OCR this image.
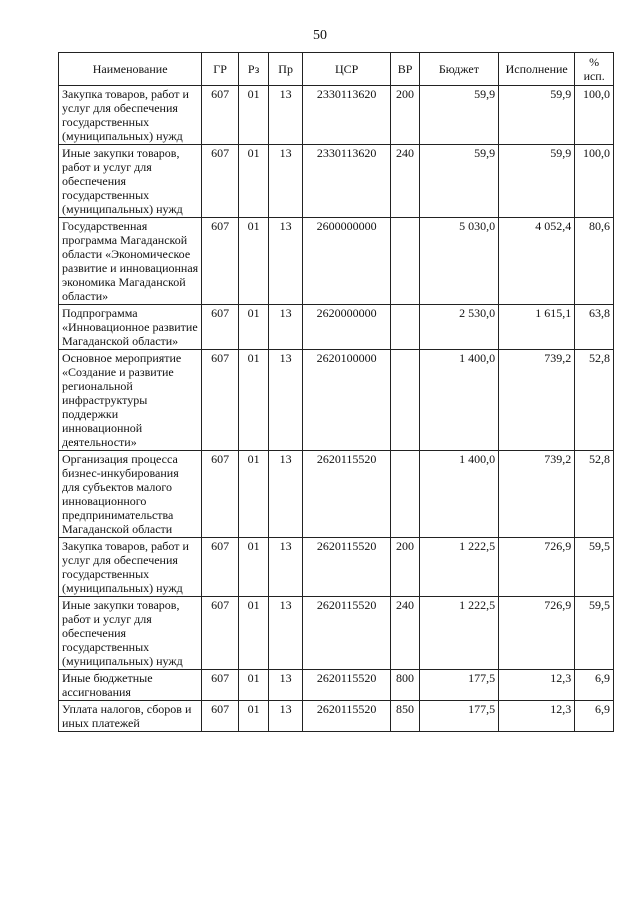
50
Наименование	ГР	Рз	Пр	ЦСР	ВР	Бюджет	Исполнение	% исп.
Закупка товаров, работ и услуг для обеспечения государственных (муниципальных) нужд	607	01	13	2330113620	200	59,9	59,9	100,0
Иные закупки товаров, работ и услуг для обеспечения государственных (муниципальных) нужд	607	01	13	2330113620	240	59,9	59,9	100,0
Государственная программа Магаданской области «Экономическое развитие и инновационная экономика Магаданской области»	607	01	13	2600000000		5 030,0	4 052,4	80,6
Подпрограмма «Инновационное развитие Магаданской области»	607	01	13	2620000000		2 530,0	1 615,1	63,8
Основное мероприятие «Создание и развитие региональной инфраструктуры поддержки инновационной деятельности»	607	01	13	2620100000		1 400,0	739,2	52,8
Организация процесса бизнес-инкубирования для субъектов малого инновационного предпринимательства Магаданской области	607	01	13	2620115520		1 400,0	739,2	52,8
Закупка товаров, работ и услуг для обеспечения государственных (муниципальных) нужд	607	01	13	2620115520	200	1 222,5	726,9	59,5
Иные закупки товаров, работ и услуг для обеспечения государственных (муниципальных) нужд	607	01	13	2620115520	240	1 222,5	726,9	59,5
Иные бюджетные ассигнования	607	01	13	2620115520	800	177,5	12,3	6,9
Уплата налогов, сборов и иных платежей	607	01	13	2620115520	850	177,5	12,3	6,9
